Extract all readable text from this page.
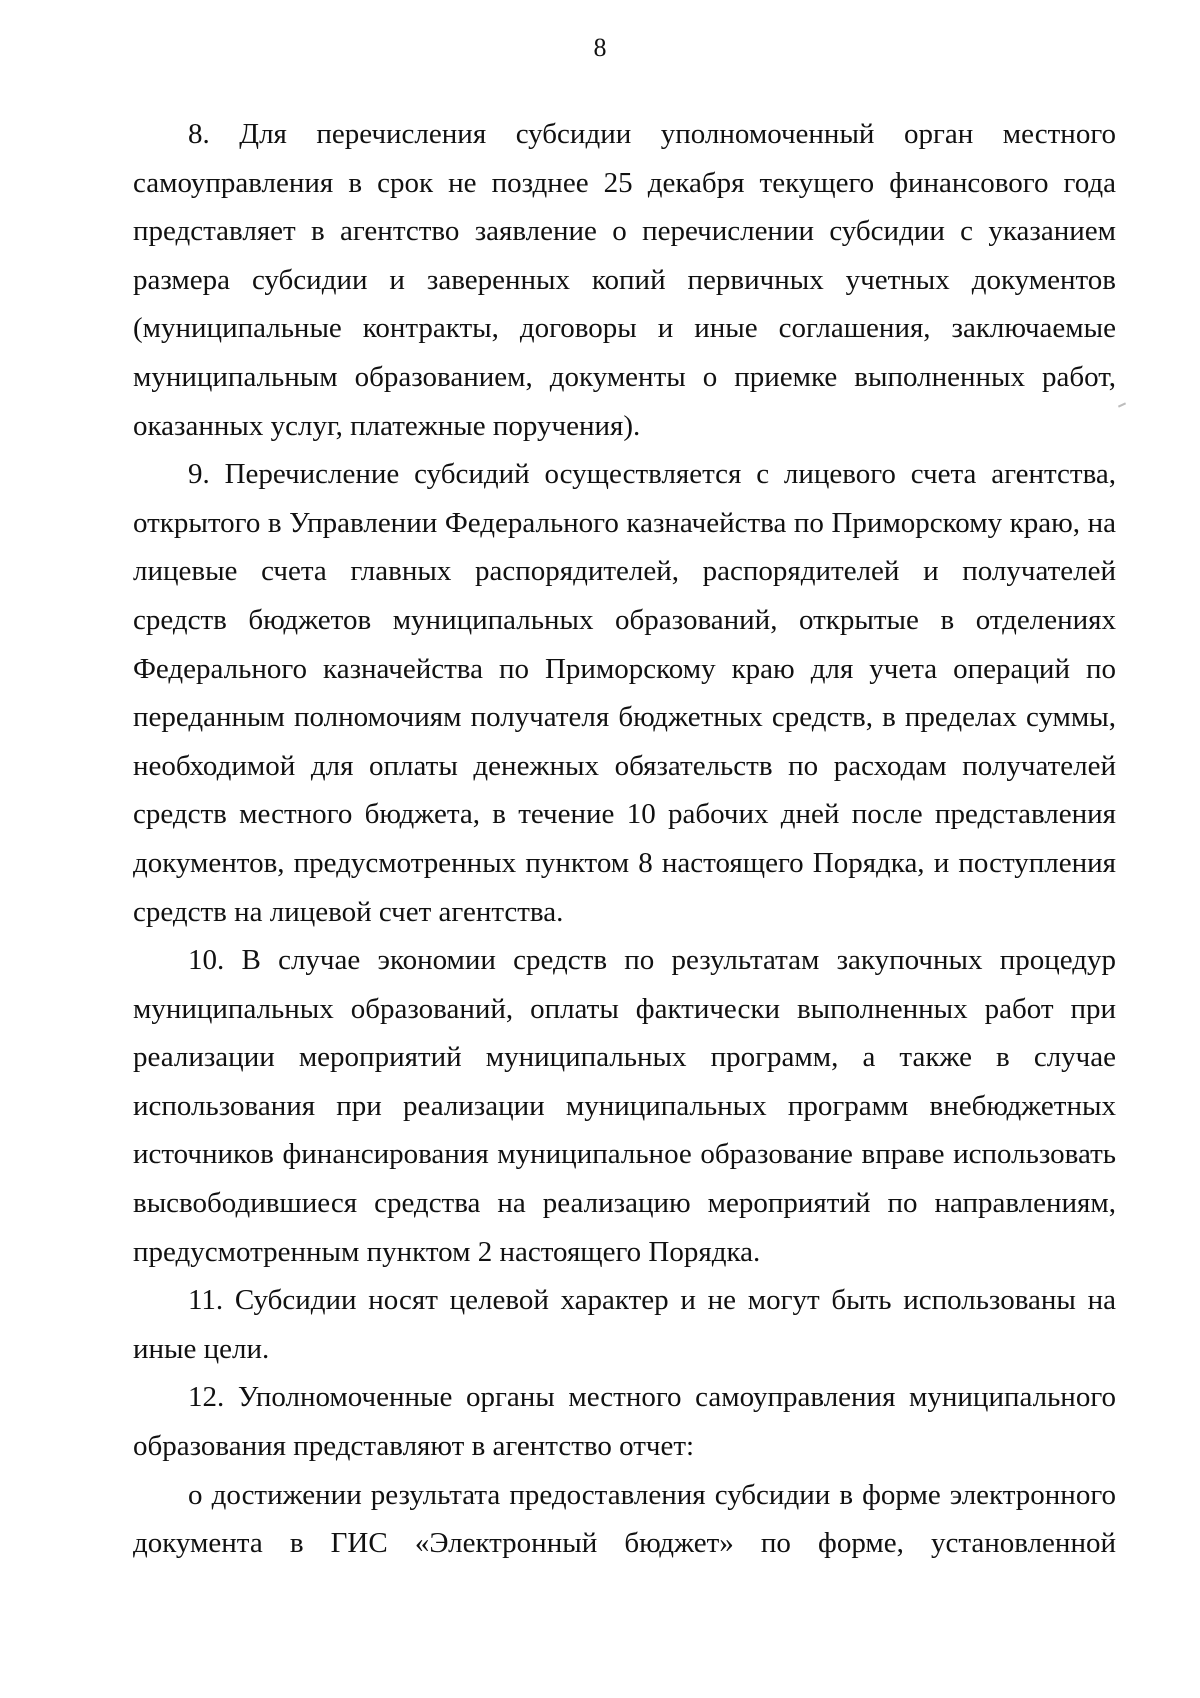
8

8. Для перечисления субсидии уполномоченный орган местного самоуправления в срок не позднее 25 декабря текущего финансового года представляет в агентство заявление о перечислении субсидии с указанием размера субсидии и заверенных копий первичных учетных документов (муниципальные контракты, договоры и иные соглашения, заключаемые муниципальным образованием, документы о приемке выполненных работ, оказанных услуг, платежные поручения).

9. Перечисление субсидий осуществляется с лицевого счета агентства, открытого в Управлении Федерального казначейства по Приморскому краю, на лицевые счета главных распорядителей, распорядителей и получателей средств бюджетов муниципальных образований, открытые в отделениях Федерального казначейства по Приморскому краю для учета операций по переданным полномочиям получателя бюджетных средств, в пределах суммы, необходимой для оплаты денежных обязательств по расходам получателей средств местного бюджета, в течение 10 рабочих дней после представления документов, предусмотренных пунктом 8 настоящего Порядка, и поступления средств на лицевой счет агентства.

10. В случае экономии средств по результатам закупочных процедур муниципальных образований, оплаты фактически выполненных работ при реализации мероприятий муниципальных программ, а также в случае использования при реализации муниципальных программ внебюджетных источников финансирования муниципальное образование вправе использовать высвободившиеся средства на реализацию мероприятий по направлениям, предусмотренным пунктом 2 настоящего Порядка.

11. Субсидии носят целевой характер и не могут быть использованы на иные цели.

12. Уполномоченные органы местного самоуправления муниципального образования представляют в агентство отчет:

о достижении результата предоставления субсидии в форме электронного документа в ГИС «Электронный бюджет» по форме, установленной
